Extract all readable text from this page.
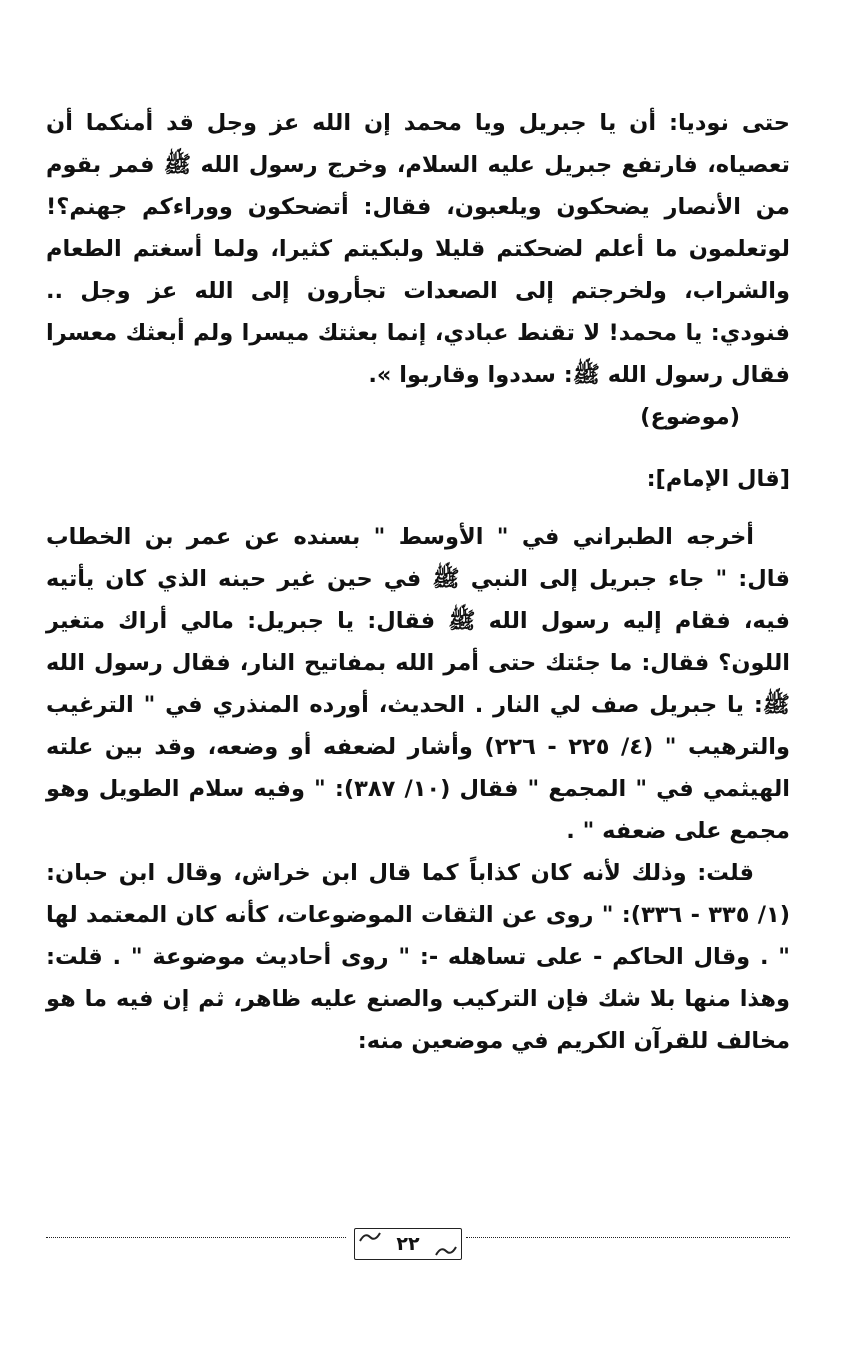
حتى نوديا: أن يا جبريل ويا محمد إن الله عز وجل قد أمنكما أن تعصياه، فارتفع جبريل عليه السلام، وخرج رسول الله ﷺ فمر بقوم من الأنصار يضحكون ويلعبون، فقال: أتضحكون ووراءكم جهنم؟! لوتعلمون ما أعلم لضحكتم قليلا ولبكيتم كثيرا، ولما أسغتم الطعام والشراب، ولخرجتم إلى الصعدات تجأرون إلى الله عز وجل .. فنودي: يا محمد! لا تقنط عبادي، إنما بعثتك ميسرا ولم أبعثك معسرا فقال رسول الله ﷺ: سددوا وقاربوا ».

(موضوع)

[قال الإمام]:

أخرجه الطبراني في " الأوسط " بسنده عن عمر بن الخطاب قال: " جاء جبريل إلى النبي ﷺ في حين غير حينه الذي كان يأتيه فيه، فقام إليه رسول الله ﷺ فقال: يا جبريل: مالي أراك متغير اللون؟ فقال: ما جئتك حتى أمر الله بمفاتيح النار، فقال رسول الله ﷺ: يا جبريل صف لي النار . الحديث، أورده المنذري في " الترغيب والترهيب " (٤/ ٢٢٥ - ٢٢٦) وأشار لضعفه أو وضعه، وقد بين علته الهيثمي في " المجمع " فقال (١٠/ ٣٨٧): " وفيه سلام الطويل وهو مجمع على ضعفه " .

قلت: وذلك لأنه كان كذاباً كما قال ابن خراش، وقال ابن حبان: (١/ ٣٣٥ - ٣٣٦): " روى عن الثقات الموضوعات، كأنه كان المعتمد لها " . وقال الحاكم - على تساهله -: " روى أحاديث موضوعة " . قلت: وهذا منها بلا شك فإن التركيب والصنع عليه ظاهر، ثم إن فيه ما هو مخالف للقرآن الكريم في موضعين منه:

٢٢
